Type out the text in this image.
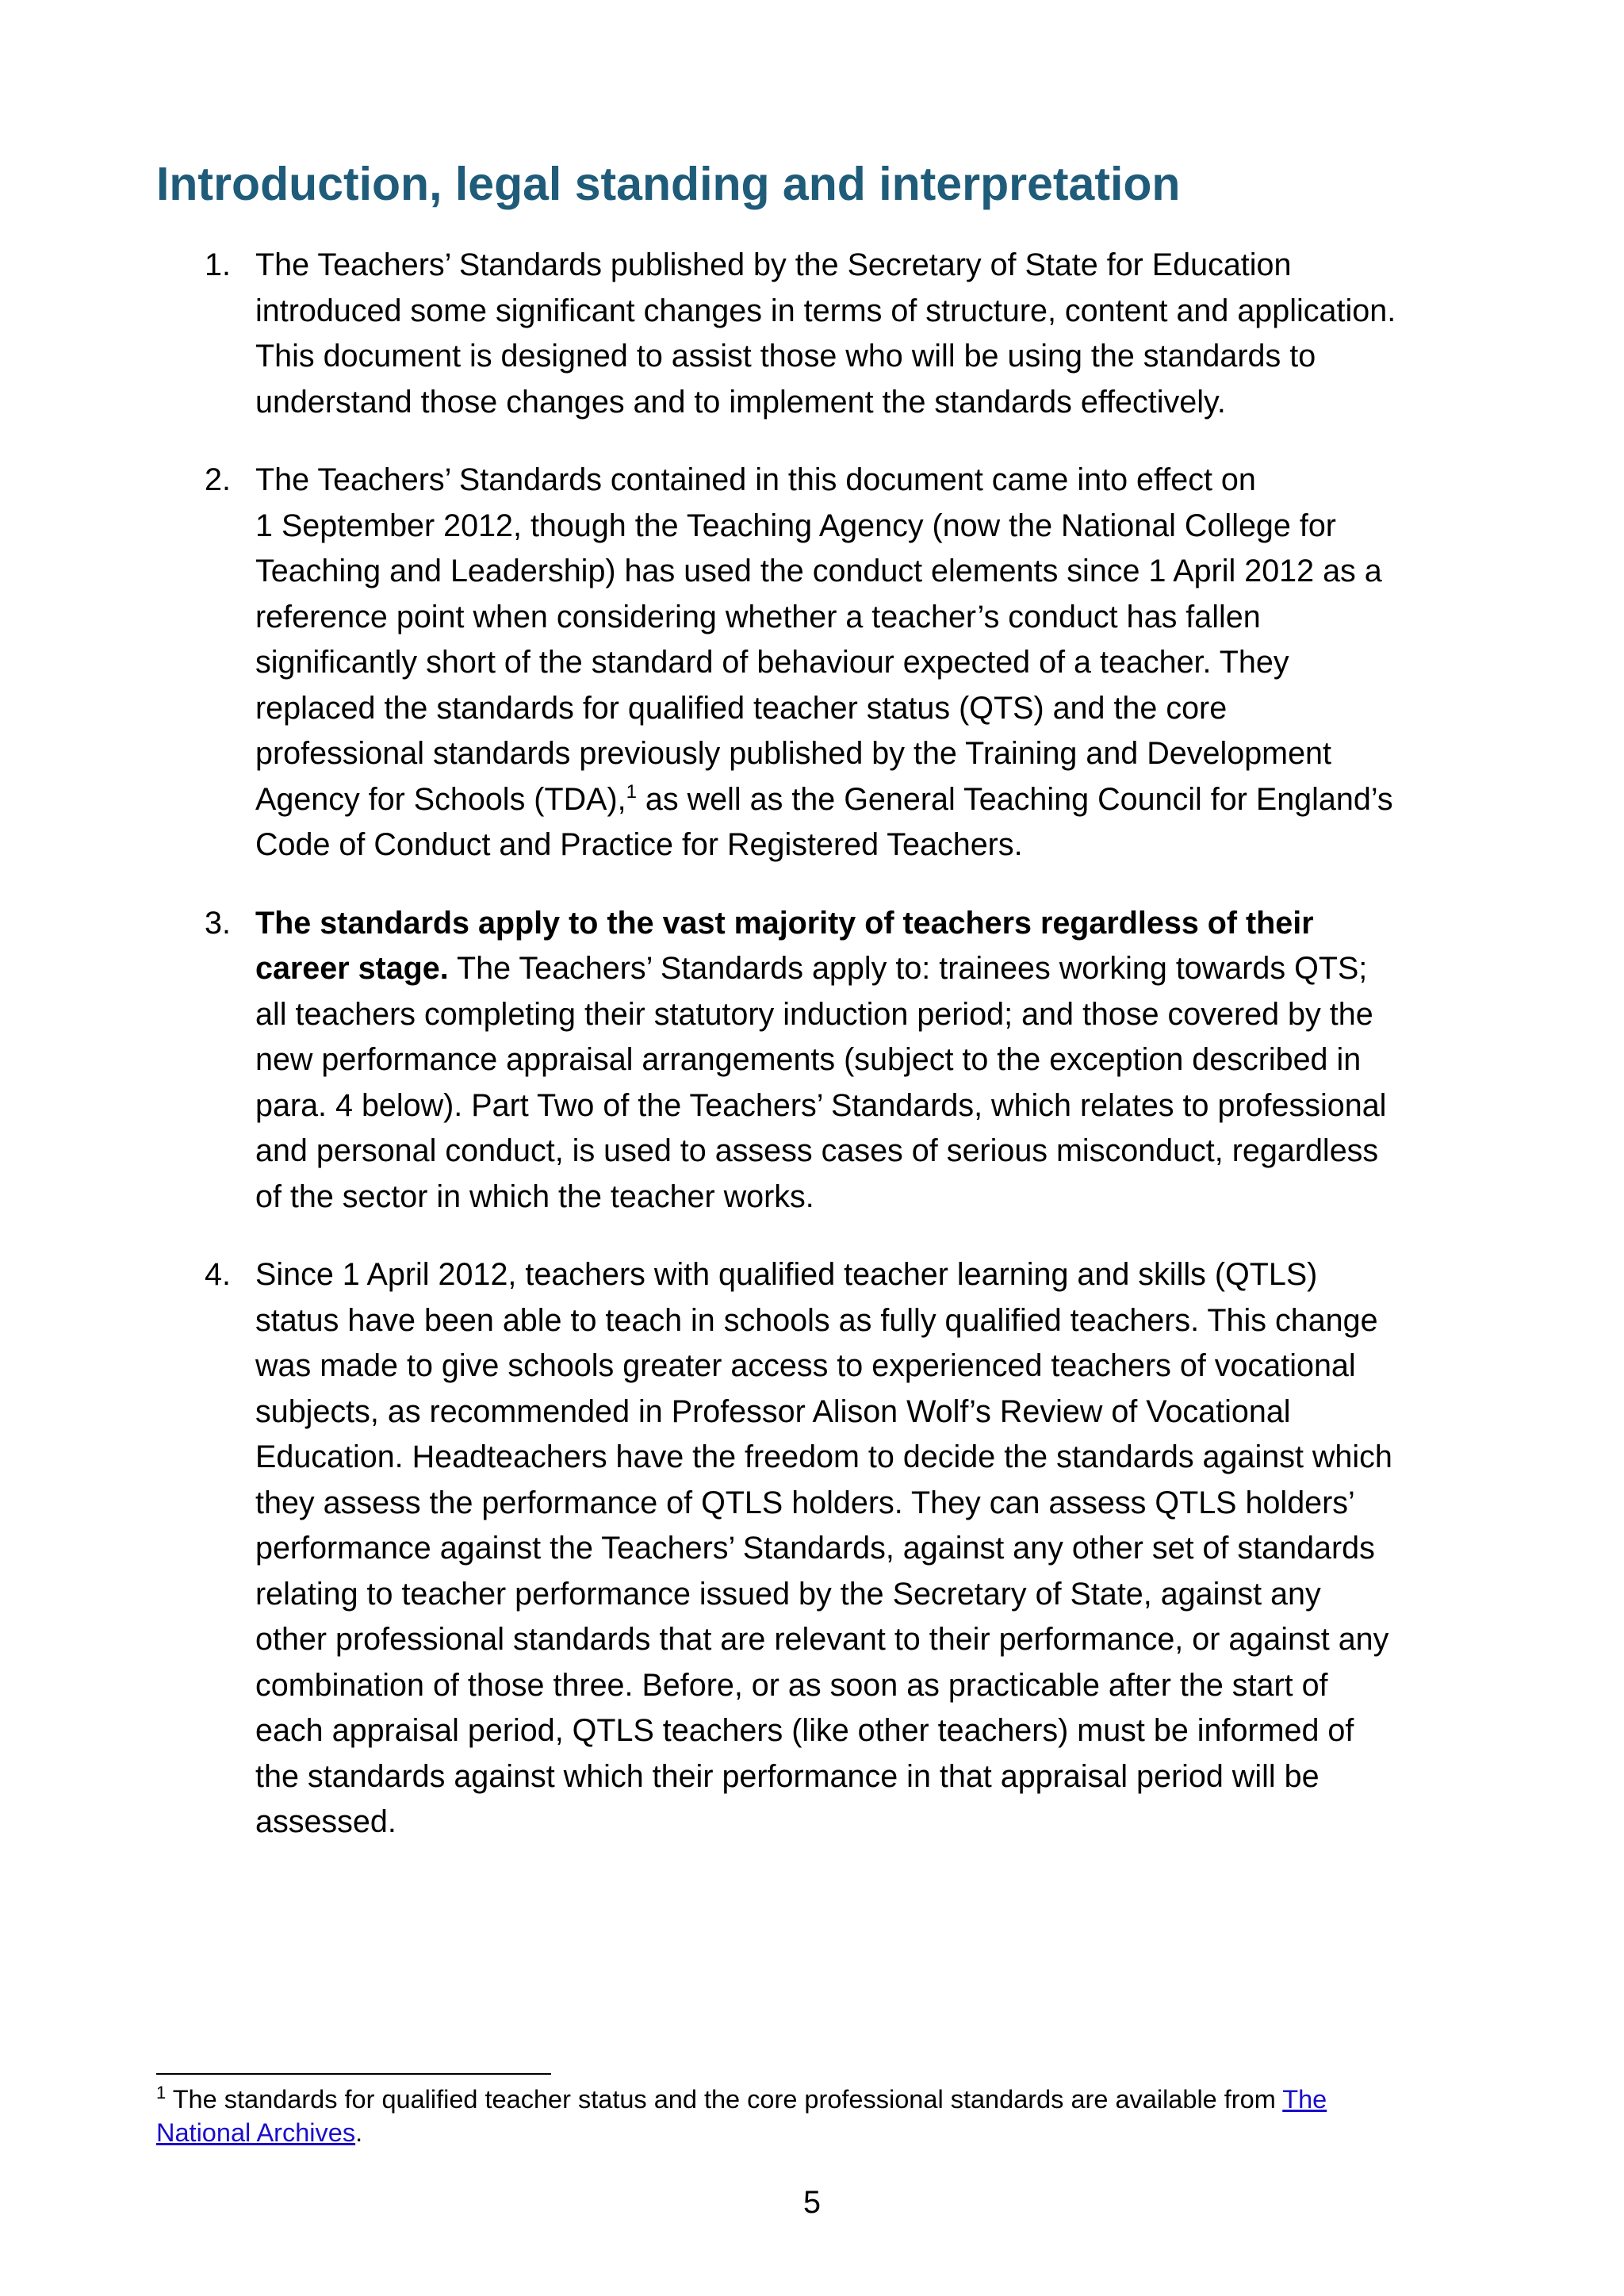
Introduction, legal standing and interpretation
1. The Teachers’ Standards published by the Secretary of State for Education
introduced some significant changes in terms of structure, content and application.
This document is designed to assist those who will be using the standards to
understand those changes and to implement the standards effectively.
2. The Teachers’ Standards contained in this document came into effect on
1 September 2012, though the Teaching Agency (now the National College for
Teaching and Leadership) has used the conduct elements since 1 April 2012 as a
reference point when considering whether a teacher’s conduct has fallen
significantly short of the standard of behaviour expected of a teacher. They
replaced the standards for qualified teacher status (QTS) and the core
professional standards previously published by the Training and Development
Agency for Schools (TDA),$^1$ as well as the General Teaching Council for England’s
Code of Conduct and Practice for Registered Teachers.
3. The standards apply to the vast majority of teachers regardless of their
career stage. The Teachers’ Standards apply to: trainees working towards QTS;
all teachers completing their statutory induction period; and those covered by the
new performance appraisal arrangements (subject to the exception described in
para. 4 below). Part Two of the Teachers’ Standards, which relates to professional
and personal conduct, is used to assess cases of serious misconduct, regardless
of the sector in which the teacher works.
4. Since 1 April 2012, teachers with qualified teacher learning and skills (QTLS)
status have been able to teach in schools as fully qualified teachers. This change
was made to give schools greater access to experienced teachers of vocational
subjects, as recommended in Professor Alison Wolf’s Review of Vocational
Education. Headteachers have the freedom to decide the standards against which
they assess the performance of QTLS holders. They can assess QTLS holders’
performance against the Teachers’ Standards, against any other set of standards
relating to teacher performance issued by the Secretary of State, against any
other professional standards that are relevant to their performance, or against any
combination of those three. Before, or as soon as practicable after the start of
each appraisal period, QTLS teachers (like other teachers) must be informed of
the standards against which their performance in that appraisal period will be
assessed.
$^1$ The standards for qualified teacher status and the core professional standards are available from The
National Archives.
5
